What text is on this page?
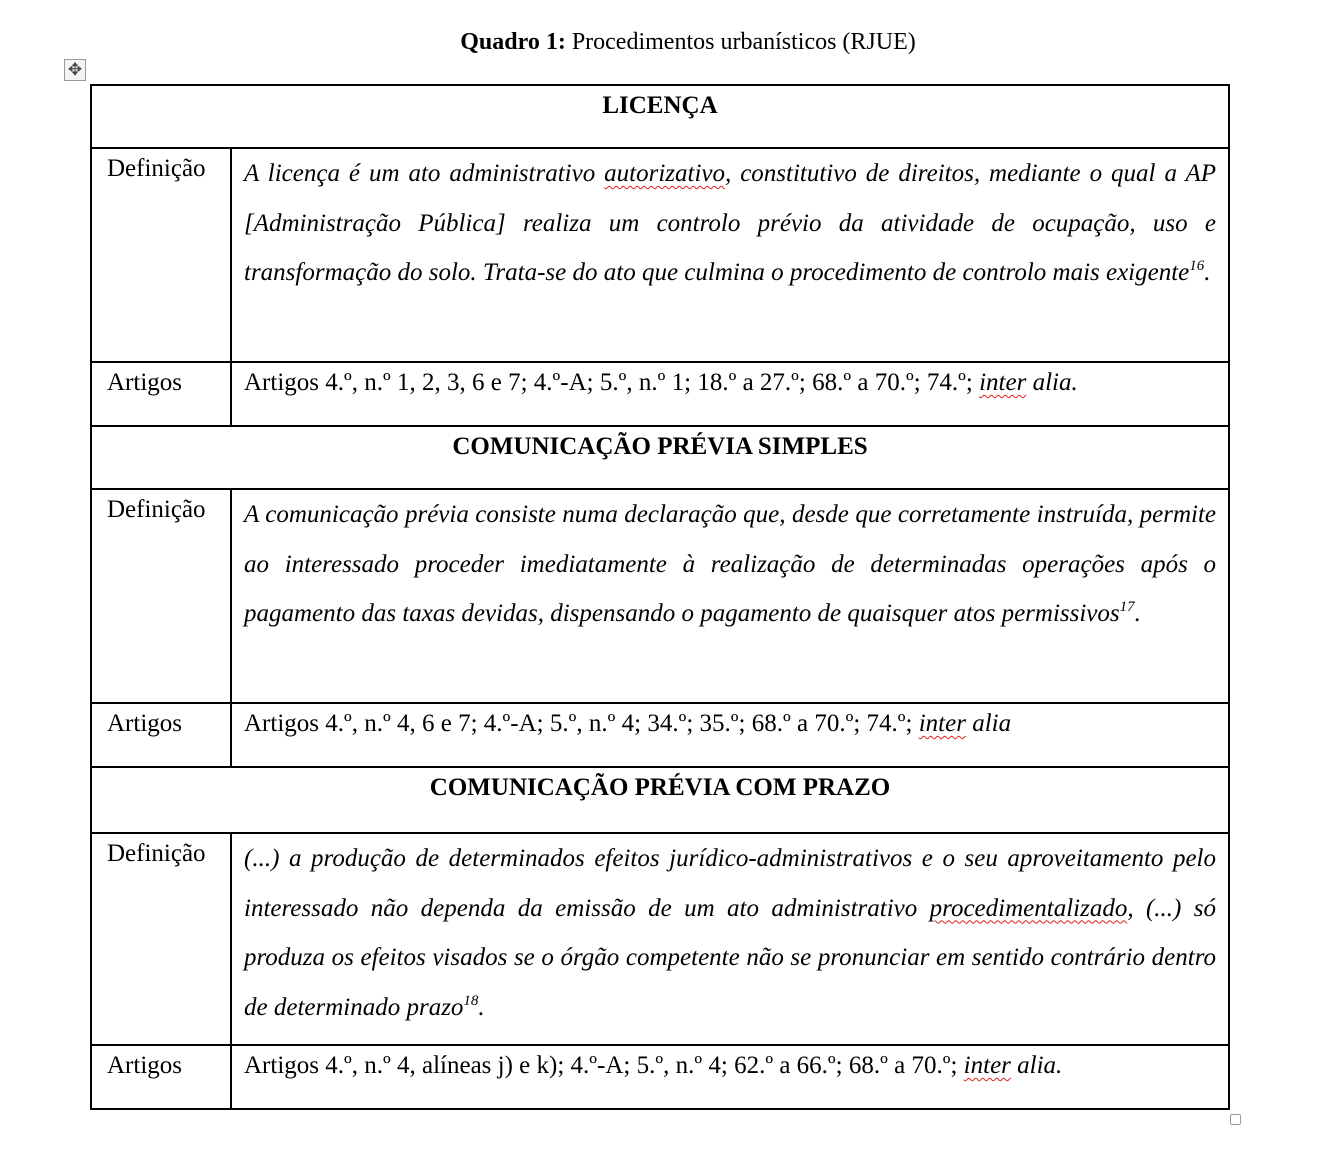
Quadro 1: Procedimentos urbanísticos (RJUE)
✥
LICENÇA	
Definição	A licença é um ato administrativo autorizativo, constitutivo de direitos, mediante o qual a AP [Administração Pública] realiza um controlo prévio da atividade de ocupação, uso e transformação do solo. Trata-se do ato que culmina o procedimento de controlo mais exigente$^{16}$.
Artigos	Artigos 4.º, n.º 1, 2, 3, 6 e 7; 4.º-A; 5.º, n.º 1; 18.º a 27.º; 68.º a 70.º; 74.º; inter alia.
COMUNICAÇÃO PRÉVIA SIMPLES	
Definição	A comunicação prévia consiste numa declaração que, desde que corretamente instruída, permite ao interessado proceder imediatamente à realização de determinadas operações após o pagamento das taxas devidas, dispensando o pagamento de quaisquer atos permissivos$^{17}$.
Artigos	Artigos 4.º, n.º 4, 6 e 7; 4.º-A; 5.º, n.º 4; 34.º; 35.º; 68.º a 70.º; 74.º; inter alia
COMUNICAÇÃO PRÉVIA COM PRAZO	
Definição	(...) a produção de determinados efeitos jurídico-administrativos e o seu aproveitamento pelo interessado não dependa da emissão de um ato administrativo procedimentalizado, (...) só produza os efeitos visados se o órgão competente não se pronunciar em sentido contrário dentro de determinado prazo$^{18}$.
Artigos	Artigos 4.º, n.º 4, alíneas j) e k); 4.º-A; 5.º, n.º 4; 62.º a 66.º; 68.º a 70.º; inter alia.
